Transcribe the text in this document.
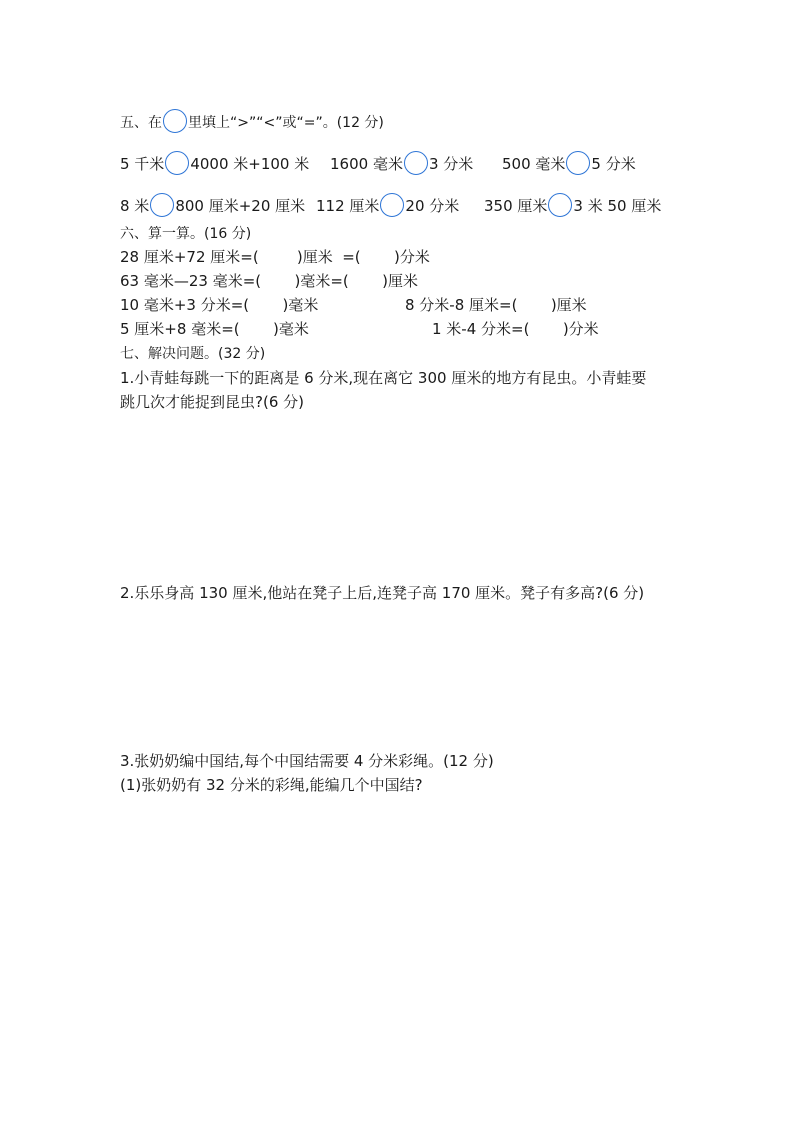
五、在 里填上“>”“<”或“=”。(12 分)
5 千米 4000 米+100 米 1600 毫米 3 分米 500 毫米 5 分米
8 米 800 厘米+20 厘米 112 厘米 20 分米 350 厘米 3 米 50 厘米
六、算一算。(16 分)
28 厘米+72 厘米=(        )厘米  =(       )分米
63 毫米—23 毫米=(       )毫米=(       )厘米
10 毫米+3 分米=(       )毫米	8 分米-8 厘米=(       )厘米
5 厘米+8 毫米=(       )毫米	1 米-4 分米=(       )分米
七、解决问题。(32 分)
1.小青蛙每跳一下的距离是 6 分米,现在离它 300 厘米的地方有昆虫。小青蛙要
跳几次才能捉到昆虫?(6 分)
2.乐乐身高 130 厘米,他站在凳子上后,连凳子高 170 厘米。凳子有多高?(6 分)
3.张奶奶编中国结,每个中国结需要 4 分米彩绳。(12 分)
(1)张奶奶有 32 分米的彩绳,能编几个中国结?
